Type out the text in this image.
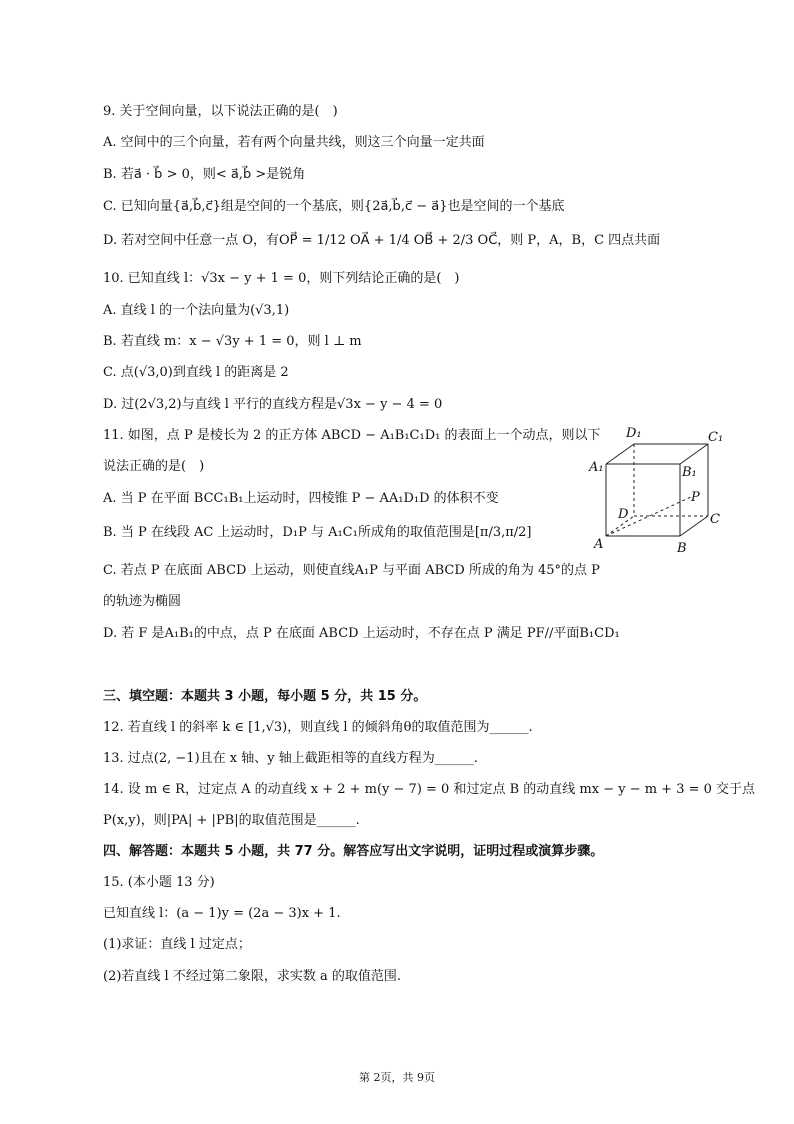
9. 关于空间向量，以下说法正确的是(　)
A. 空间中的三个向量，若有两个向量共线，则这三个向量一定共面
B. 若a⃗ · b⃗ > 0，则< a⃗,b⃗ >是锐角
C. 已知向量{a⃗,b⃗,c⃗}组是空间的一个基底，则{2a⃗,b⃗,c⃗ − a⃗}也是空间的一个基底
D. 若对空间中任意一点 O，有OP⃗ = 1/12 OA⃗ + 1/4 OB⃗ + 2/3 OC⃗，则 P，A，B，C 四点共面
10. 已知直线 l：√3x − y + 1 = 0，则下列结论正确的是(　)
A. 直线 l 的一个法向量为(√3,1)
B. 若直线 m：x − √3y + 1 = 0，则 l ⊥ m
C. 点(√3,0)到直线 l 的距离是 2
D. 过(2√3,2)与直线 l 平行的直线方程是√3x − y − 4 = 0
11. 如图，点 P 是棱长为 2 的正方体 ABCD − A₁B₁C₁D₁ 的表面上一个动点，则以下
说法正确的是(　)
A. 当 P 在平面 BCC₁B₁上运动时，四棱锥 P − AA₁D₁D 的体积不变
B. 当 P 在线段 AC 上运动时，D₁P 与 A₁C₁所成角的取值范围是[π/3,π/2]
C. 若点 P 在底面 ABCD 上运动，则使直线A₁P 与平面 ABCD 所成的角为 45°的点 P
的轨迹为椭圆
D. 若 F 是A₁B₁的中点，点 P 在底面 ABCD 上运动时，不存在点 P 满足 PF//平面B₁CD₁
D₁	C₁
A₁	B₁
P
D	C
A	B
三、填空题：本题共 3 小题，每小题 5 分，共 15 分。
12. 若直线 l 的斜率 k ∈ [1,√3)，则直线 l 的倾斜角θ的取值范围为______.
13. 过点(2, −1)且在 x 轴、y 轴上截距相等的直线方程为______.
14. 设 m ∈ R，过定点 A 的动直线 x + 2 + m(y − 7) = 0 和过定点 B 的动直线 mx − y − m + 3 = 0 交于点
P(x,y)，则|PA| + |PB|的取值范围是______.
四、解答题：本题共 5 小题，共 77 分。解答应写出文字说明，证明过程或演算步骤。
15. (本小题 13 分)
已知直线 l：(a − 1)y = (2a − 3)x + 1.
(1)求证：直线 l 过定点；
(2)若直线 l 不经过第二象限，求实数 a 的取值范围.
第 2页，共 9页
